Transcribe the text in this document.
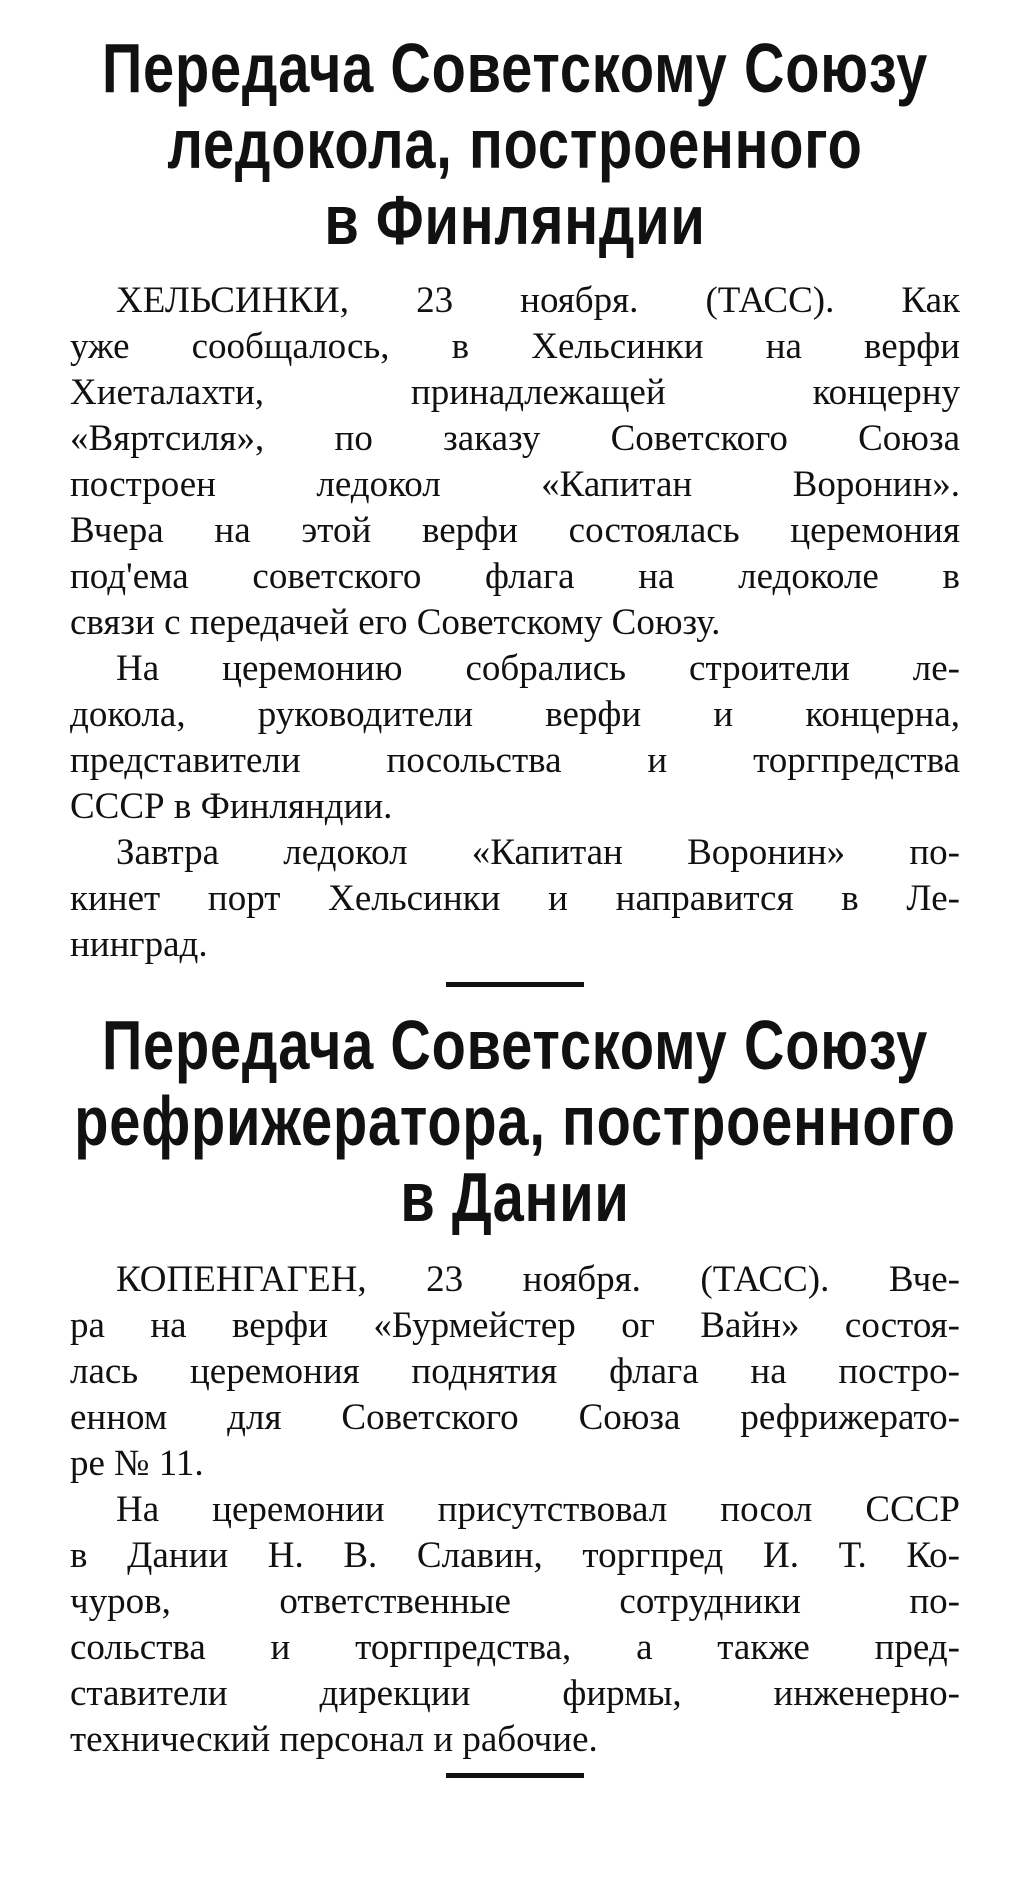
Передача Советскому Союзу
ледокола, построенного
в Финляндии

ХЕЛЬСИНКИ, 23 ноября. (ТАСС). Как
уже сообщалось, в Хельсинки на верфи
Хиеталахти, принадлежащей концерну
«Вяртсиля», по заказу Советского Союза
построен ледокол «Капитан Воронин».
Вчера на этой верфи состоялась церемония
под'ема советского флага на ледоколе в
связи с передачей его Советскому Союзу.

На церемонию собрались строители ле-
докола, руководители верфи и концерна,
представители посольства и торгпредства
СССР в Финляндии.

Завтра ледокол «Капитан Воронин» по-
кинет порт Хельсинки и направится в Ле-
нинград.

Передача Советскому Союзу
рефрижератора, построенного
в Дании

КОПЕНГАГЕН, 23 ноября. (ТАСС). Вче-
ра на верфи «Бурмейстер ог Вайн» состоя-
лась церемония поднятия флага на постро-
енном для Советского Союза рефрижерато-
ре № 11.

На церемонии присутствовал посол СССР
в Дании Н. В. Славин, торгпред И. Т. Ко-
чуров, ответственные сотрудники по-
сольства и торгпредства, а также пред-
ставители дирекции фирмы, инженерно-
технический персонал и рабочие.
